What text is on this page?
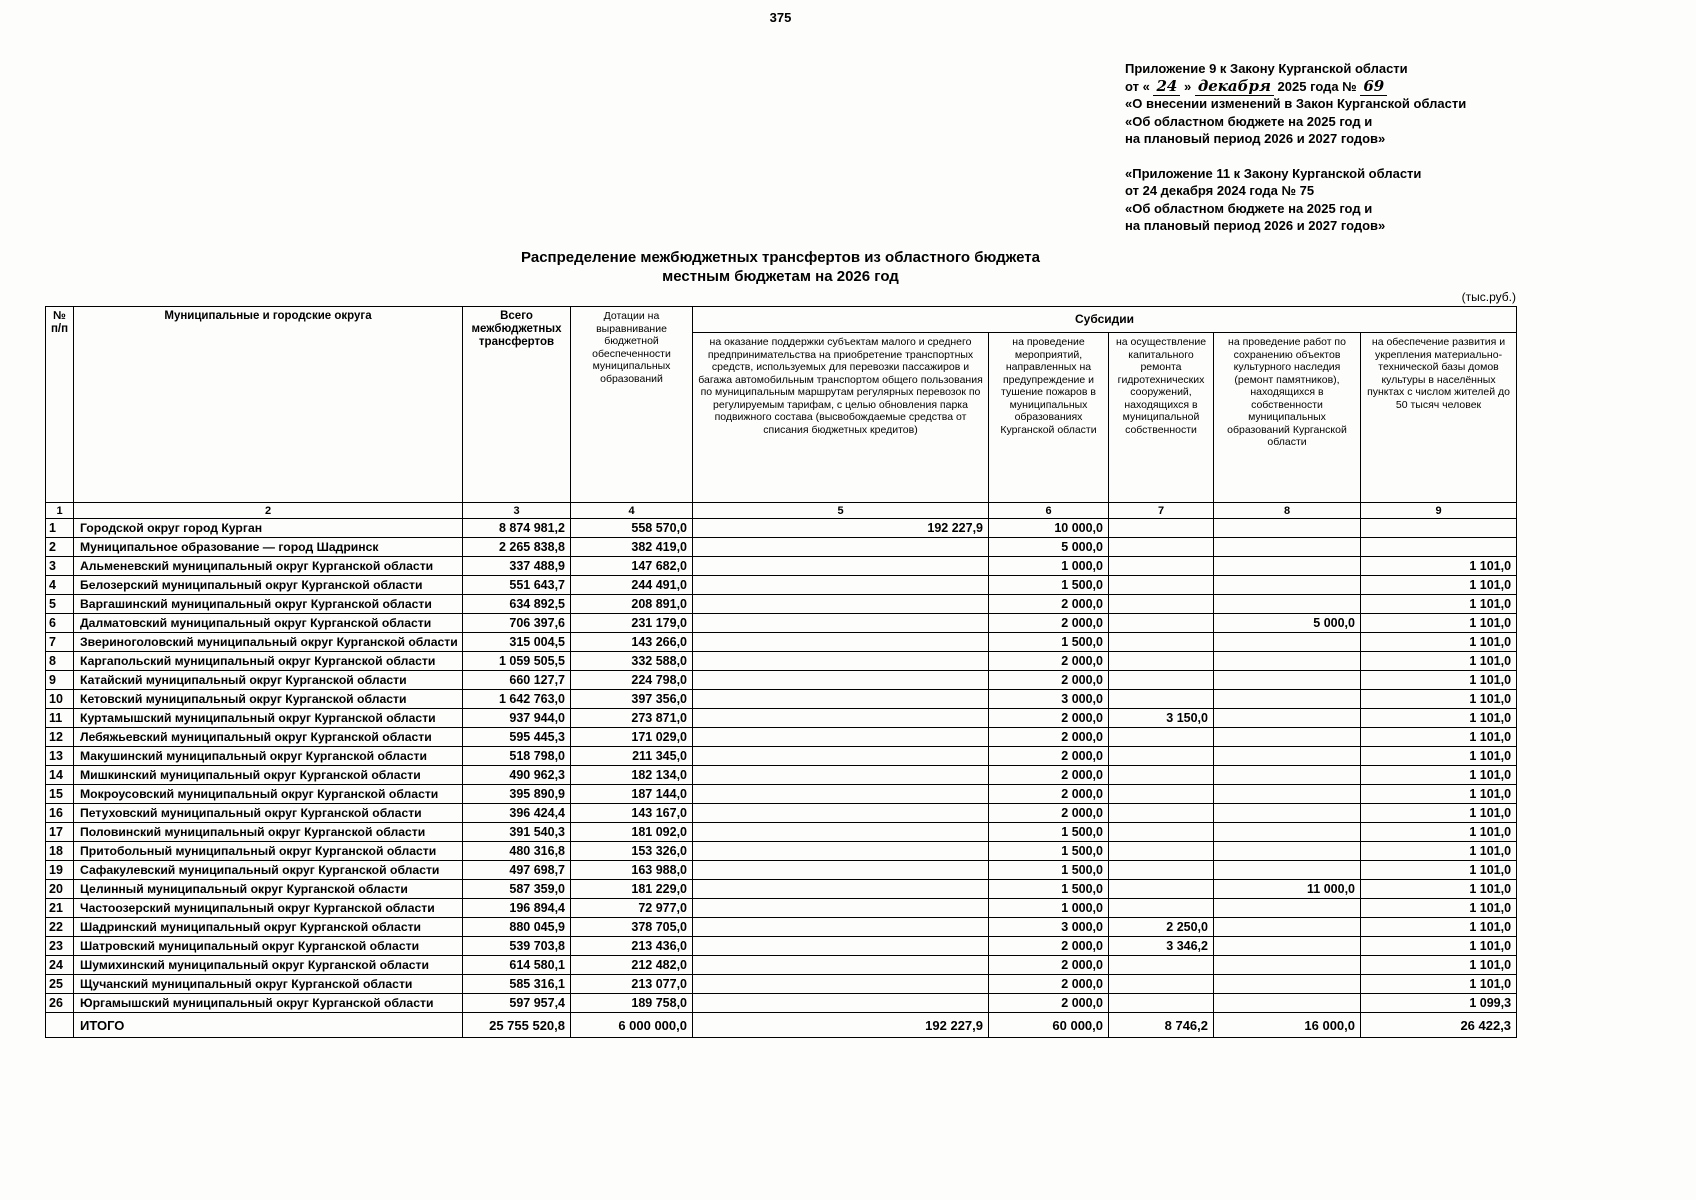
375
Приложение 9 к Закону Курганской области
от « 24 » декабря 2025 года № 69
«О внесении изменений в Закон Курганской области
«Об областном бюджете на 2025 год и
на плановый период 2026 и 2027 годов»
«Приложение 11 к Закону Курганской области
от 24 декабря 2024 года № 75
«Об областном бюджете на 2025 год и
на плановый период 2026 и 2027 годов»
Распределение межбюджетных трансфертов из областного бюджета
местным бюджетам на 2026 год
(тыс.руб.)
№ п/п	Муниципальные и городские округа	Всего межбюджетных трансфертов	Дотации на выравнивание бюджетной обеспеченности муниципальных образований	Субсидии				
				на оказание поддержки субъектам малого и среднего предпринимательства на приобретение транспортных средств, используемых для перевозки пассажиров и багажа автомобильным транспортом общего пользования по муниципальным маршрутам регулярных перевозок по регулируемым тарифам, с целью обновления парка подвижного состава (высвобождаемые средства от списания бюджетных кредитов)	на проведение мероприятий, направленных на предупреждение и тушение пожаров в муниципальных образованиях Курганской области	на осуществление капитального ремонта гидротехнических сооружений, находящихся в муниципальной собственности	на проведение работ по сохранению объектов культурного наследия (ремонт памятников), находящихся в собственности муниципальных образований Курганской области	на обеспечение развития и укрепления материально-технической базы домов культуры в населённых пунктах с числом жителей до 50 тысяч человек
1	2	3	4	5	6	7	8	9
1	Городской округ город Курган	8 874 981,2	558 570,0	192 227,9	10 000,0			
2	Муниципальное образование — город Шадринск	2 265 838,8	382 419,0		5 000,0			
3	Альменевский муниципальный округ Курганской области	337 488,9	147 682,0		1 000,0			1 101,0
4	Белозерский муниципальный округ Курганской области	551 643,7	244 491,0		1 500,0			1 101,0
5	Варгашинский муниципальный округ Курганской области	634 892,5	208 891,0		2 000,0			1 101,0
6	Далматовский муниципальный округ Курганской области	706 397,6	231 179,0		2 000,0		5 000,0	1 101,0
7	Звериноголовский муниципальный округ Курганской области	315 004,5	143 266,0		1 500,0			1 101,0
8	Каргапольский муниципальный округ Курганской области	1 059 505,5	332 588,0		2 000,0			1 101,0
9	Катайский муниципальный округ Курганской области	660 127,7	224 798,0		2 000,0			1 101,0
10	Кетовский муниципальный округ Курганской области	1 642 763,0	397 356,0		3 000,0			1 101,0
11	Куртамышский муниципальный округ Курганской области	937 944,0	273 871,0		2 000,0	3 150,0		1 101,0
12	Лебяжьевский муниципальный округ Курганской области	595 445,3	171 029,0		2 000,0			1 101,0
13	Макушинский муниципальный округ Курганской области	518 798,0	211 345,0		2 000,0			1 101,0
14	Мишкинский муниципальный округ Курганской области	490 962,3	182 134,0		2 000,0			1 101,0
15	Мокроусовский муниципальный округ Курганской области	395 890,9	187 144,0		2 000,0			1 101,0
16	Петуховский муниципальный округ Курганской области	396 424,4	143 167,0		2 000,0			1 101,0
17	Половинский муниципальный округ Курганской области	391 540,3	181 092,0		1 500,0			1 101,0
18	Притобольный муниципальный округ Курганской области	480 316,8	153 326,0		1 500,0			1 101,0
19	Сафакулевский муниципальный округ Курганской области	497 698,7	163 988,0		1 500,0			1 101,0
20	Целинный муниципальный округ Курганской области	587 359,0	181 229,0		1 500,0		11 000,0	1 101,0
21	Частоозерский муниципальный округ Курганской области	196 894,4	72 977,0		1 000,0			1 101,0
22	Шадринский муниципальный округ Курганской области	880 045,9	378 705,0		3 000,0	2 250,0		1 101,0
23	Шатровский муниципальный округ Курганской области	539 703,8	213 436,0		2 000,0	3 346,2		1 101,0
24	Шумихинский муниципальный округ Курганской области	614 580,1	212 482,0		2 000,0			1 101,0
25	Щучанский муниципальный округ Курганской области	585 316,1	213 077,0		2 000,0			1 101,0
26	Юргамышский муниципальный округ Курганской области	597 957,4	189 758,0		2 000,0			1 099,3
	ИТОГО	25 755 520,8	6 000 000,0	192 227,9	60 000,0	8 746,2	16 000,0	26 422,3
